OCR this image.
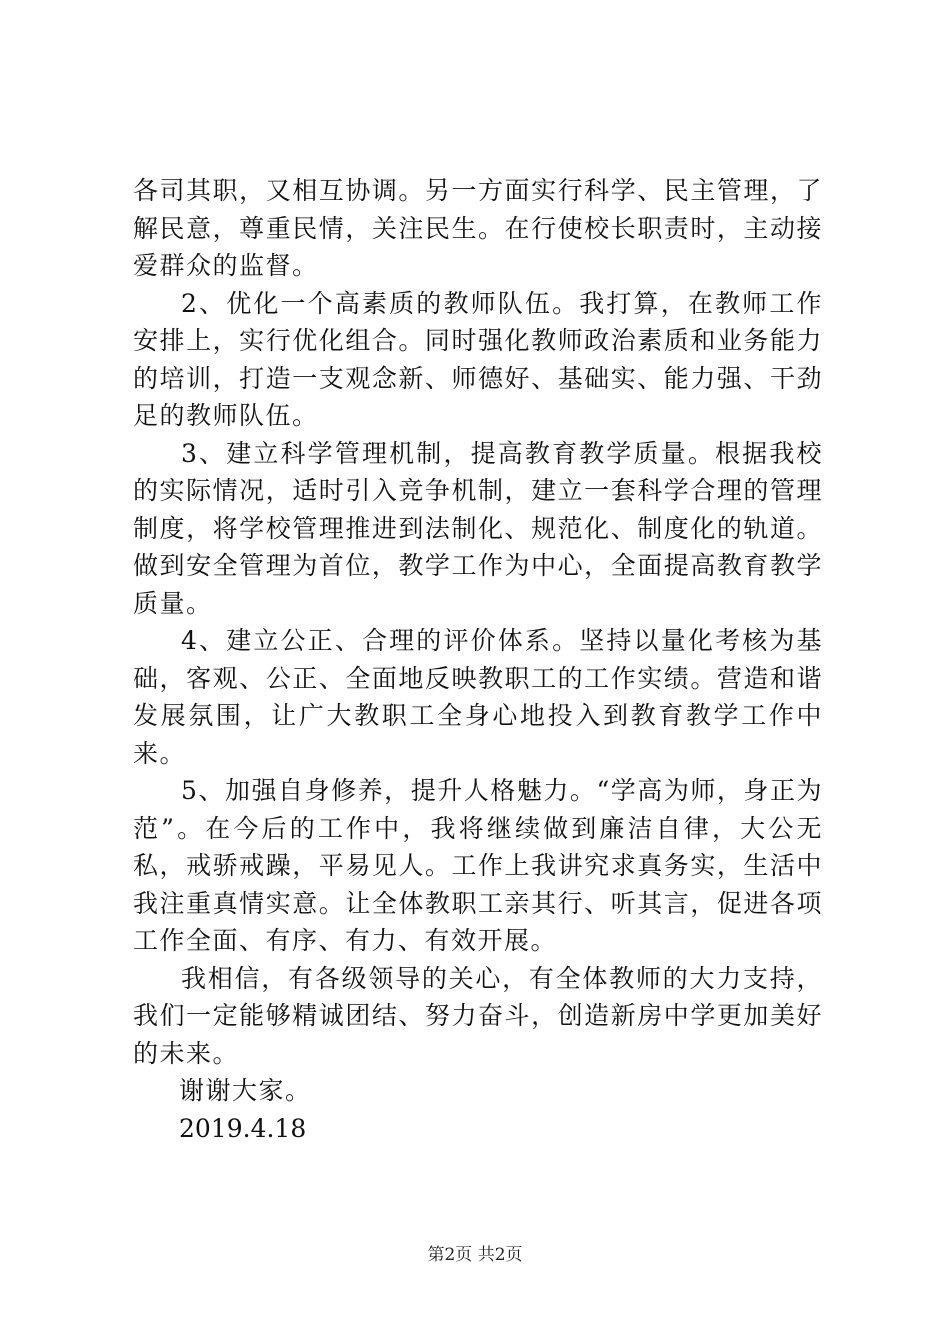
各司其职，又相互协调。另一方面实行科学、民主管理，了解民意，尊重民情，关注民生。在行使校长职责时，主动接爱群众的监督。

2、优化一个高素质的教师队伍。我打算，在教师工作安排上，实行优化组合。同时强化教师政治素质和业务能力的培训，打造一支观念新、师德好、基础实、能力强、干劲足的教师队伍。

3、建立科学管理机制，提高教育教学质量。根据我校的实际情况，适时引入竞争机制，建立一套科学合理的管理制度，将学校管理推进到法制化、规范化、制度化的轨道。做到安全管理为首位，教学工作为中心，全面提高教育教学质量。

4、建立公正、合理的评价体系。坚持以量化考核为基础，客观、公正、全面地反映教职工的工作实绩。营造和谐发展氛围，让广大教职工全身心地投入到教育教学工作中来。

5、加强自身修养，提升人格魅力。“学高为师，身正为范”。在今后的工作中，我将继续做到廉洁自律，大公无私，戒骄戒躁，平易见人。工作上我讲究求真务实，生活中我注重真情实意。让全体教职工亲其行、听其言，促进各项工作全面、有序、有力、有效开展。

我相信，有各级领导的关心，有全体教师的大力支持，我们一定能够精诚团结、努力奋斗，创造新房中学更加美好的未来。

谢谢大家。

2019.4.18

第2页 共2页
